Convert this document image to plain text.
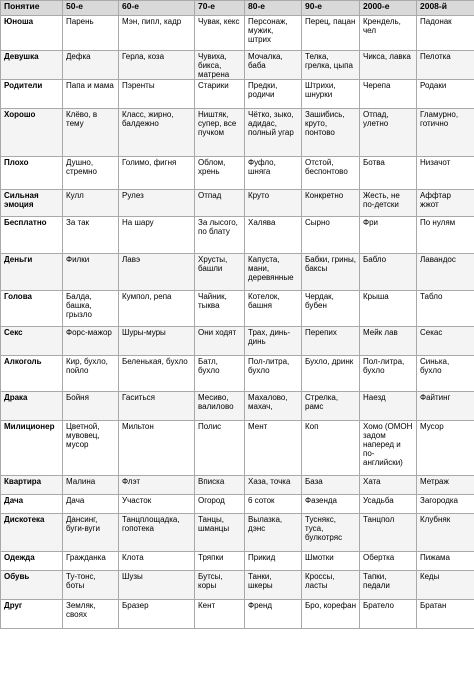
Понятие	50-е	60-е	70-е	80-е	90-е	2000-е	2008-й
Юноша	Парень	Мэн, пипл, кадр	Чувак, кекс	Персонаж, мужик, штрих	Перец, пацан	Крендель, чел	Падонак
Девушка	Дефка	Герла, коза	Чувиха, бикса, матрена	Мочалка, баба	Телка, грелка, цыпа	Чикса, лавка	Пелотка
Родители	Папа и мама	Пэренты	Старики	Предки, родичи	Штрихи, шнурки	Черепа	Родаки
Хорошо	Клёво, в тему	Класс, жирно, балдежно	Ништяк, супер, все пучком	Чётко, зыко, адидас, полный угар	Зашибись, круто, понтово	Отпад, улетно	Гламурно, готично
Плохо	Душно, стремно	Голимо, фигня	Облом, хрень	Фуфло, шняга	Отстой, беспонтово	Ботва	Низачот
Сильная эмоция	Кулл	Рулез	Отпад	Круто	Конкретно	Жесть, не по-детски	Аффтар жжот
Бесплатно	За так	На шару	За лысого, по блату	Халява	Сырно	Фри	По нулям
Деньги	Филки	Лавэ	Хрусты, башли	Капуста, мани, деревянные	Бабки, грины, баксы	Бабло	Лавандос
Голова	Балда, башка, грызло	Кумпол, репа	Чайник, тыква	Котелок, башня	Чердак, бубен	Крыша	Табло
Секс	Форс-мажор	Шуры-муры	Они ходят	Трах, динь-динь	Перепих	Мейк лав	Секас
Алкоголь	Кир, бухло, пойло	Беленькая, бухло	Батл, бухло	Пол-литра, бухло	Бухло, дринк	Пол-литра, бухло	Синька, бухло
Драка	Бойня	Гаситься	Месиво, валилово	Махалово, махач,	Стрелка, рамс	Наезд	Файтинг
Милиционер	Цветной, мувовец, мусор	Мильтон	Полис	Мент	Коп	Хомо (ОМОН задом наперед и по-английски)	Мусор
Квартира	Малина	Флэт	Впиcка	Хаза, точка	База	Хата	Метраж
Дача	Дача	Участок	Огород	6 соток	Фазенда	Усадьба	Загородка
Дискотека	Дансинг, буги-вуги	Танцплощадка, гопотека	Танцы, шманцы	Вылазка, дэнс	Туснякс, туса, булкотряс	Танцпол	Клубняк
Одежда	Гражданка	Клота	Тряпки	Прикид	Шмотки	Обертка	Пижама
Обувь	Ту-тонс, боты	Шузы	Бутсы, коры	Танки, шкеры	Кроссы, ласты	Тапки, педали	Кеды
Друг	Земляк, своях	Бразер	Кент	Френд	Бро, корефан	Братело	Братан
